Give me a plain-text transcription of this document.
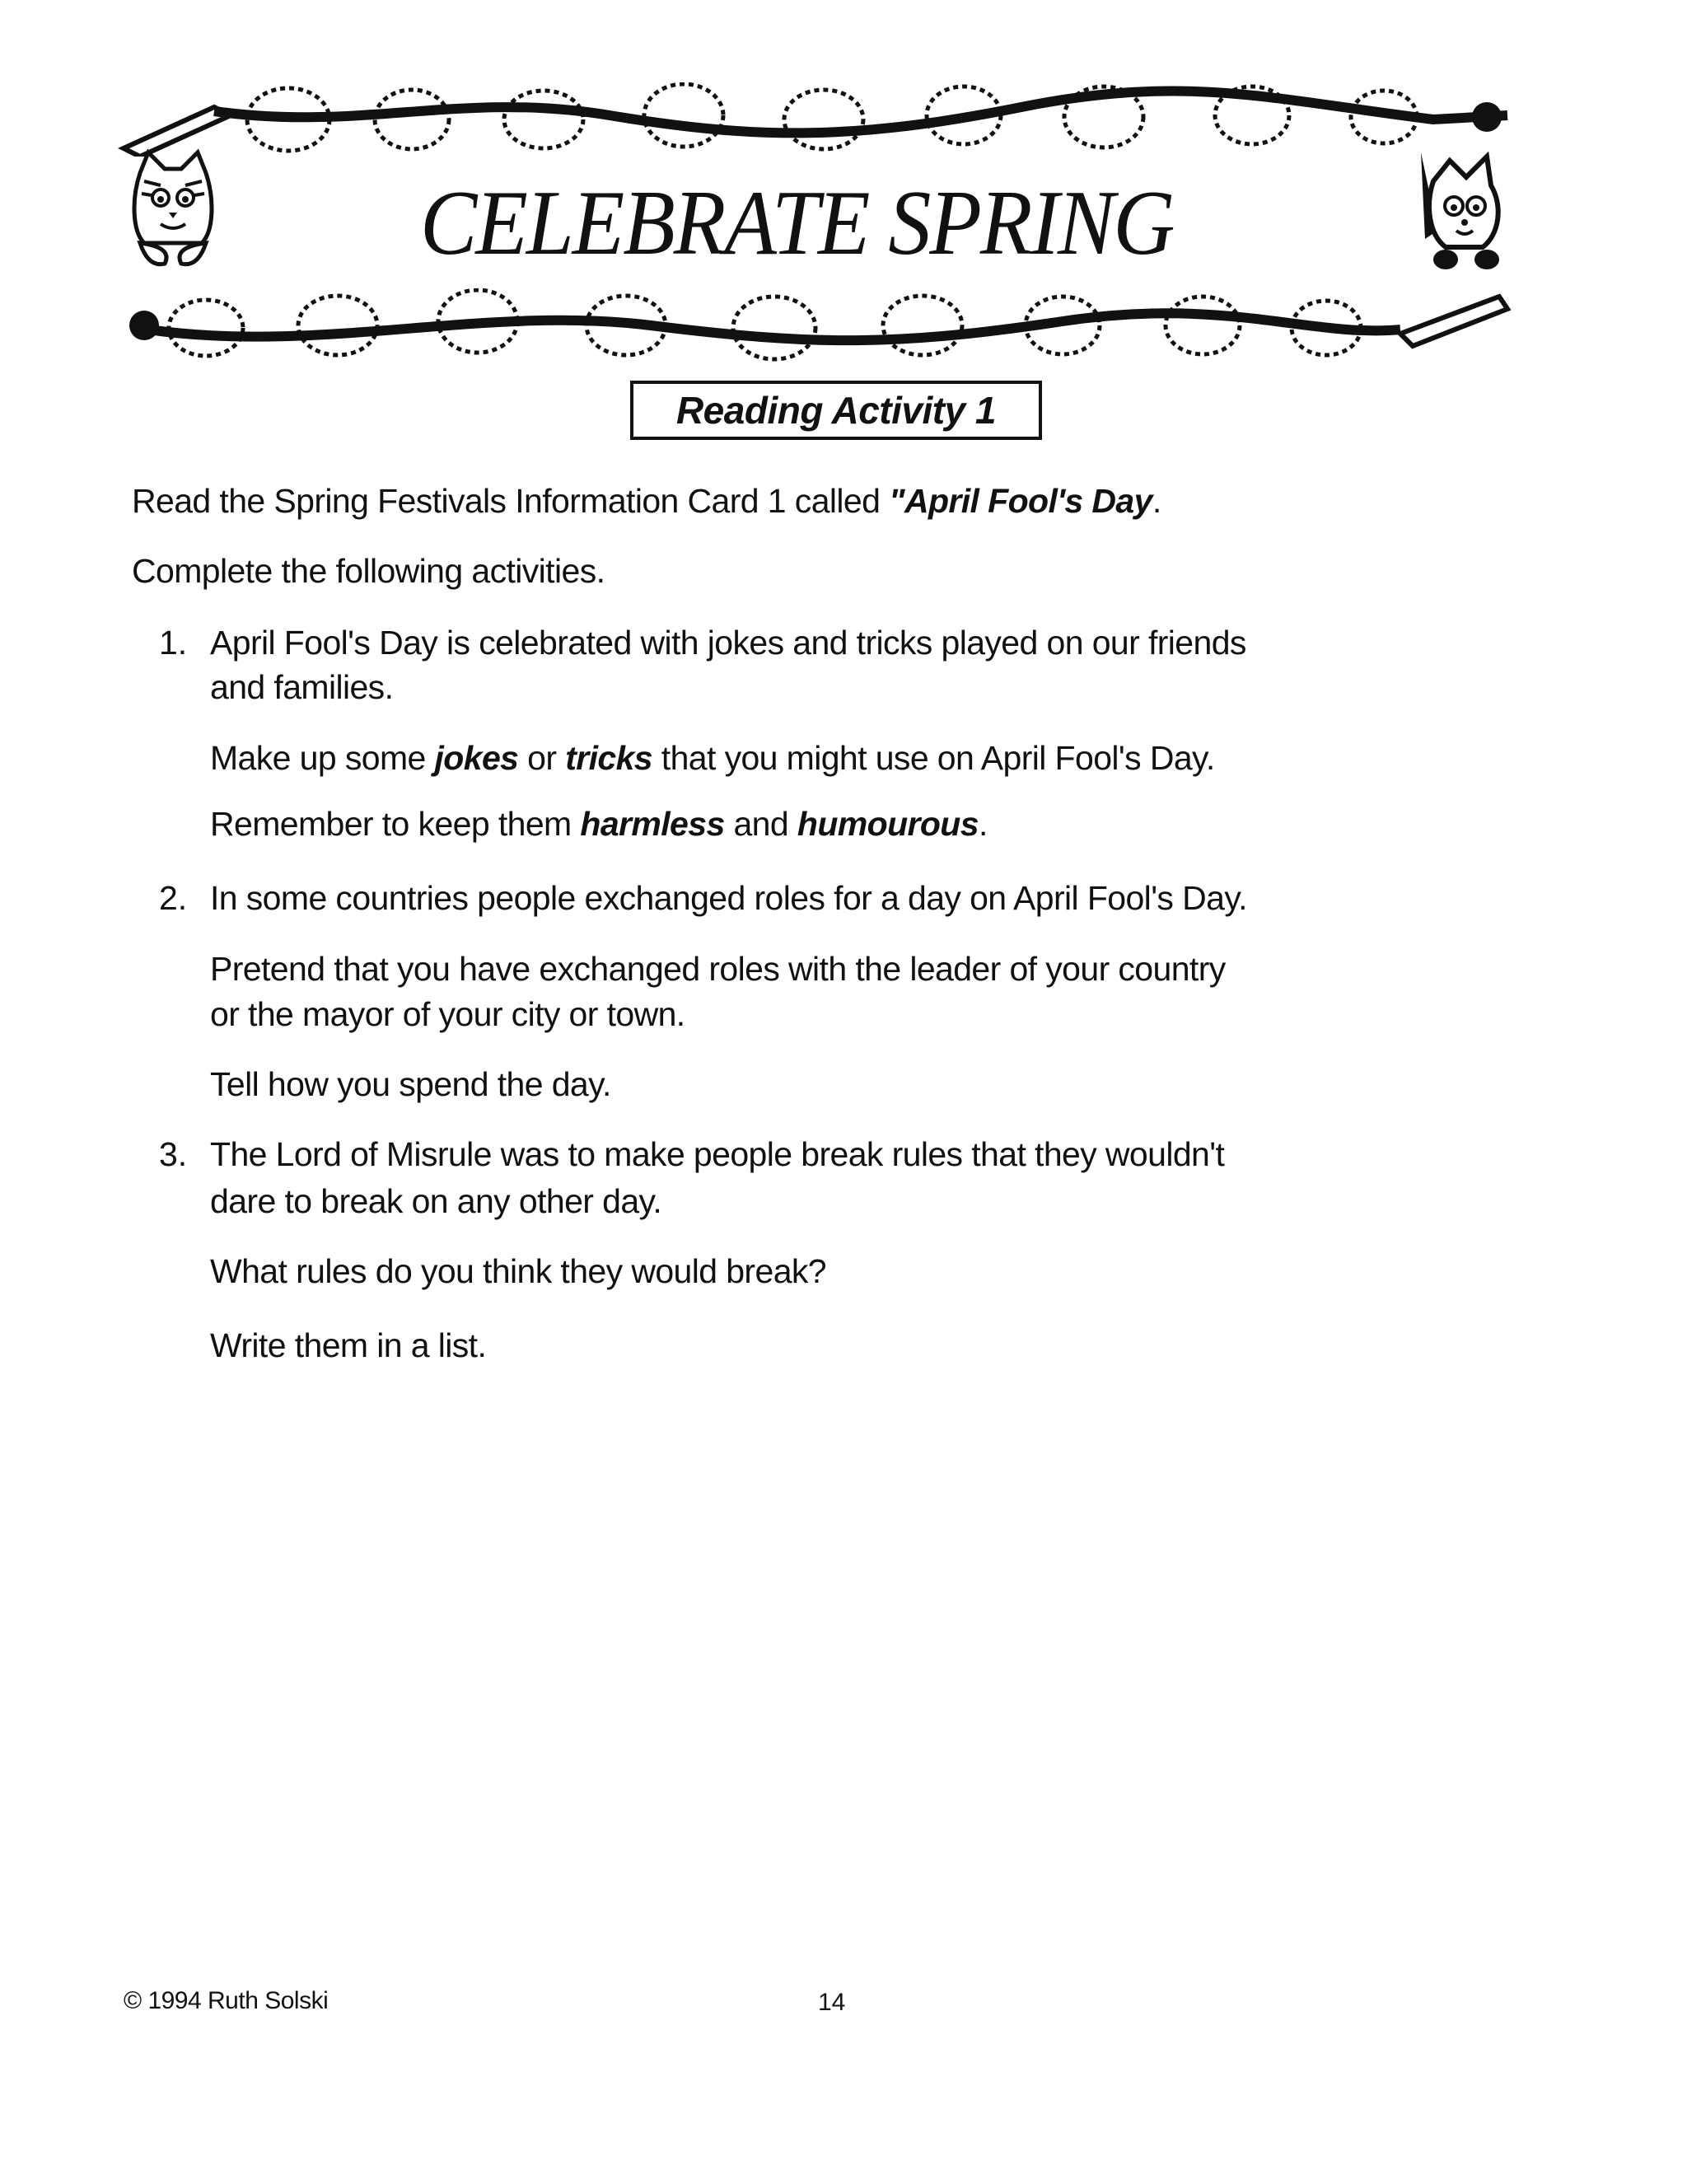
CELEBRATE SPRING
Reading Activity 1
Read the Spring Festivals Information Card 1 called "April Fool's Day.
Complete the following activities.
1. April Fool's Day is celebrated with jokes and tricks played on our friends
and families.
Make up some jokes or tricks that you might use on April Fool's Day.
Remember to keep them harmless and humourous.
2. In some countries people exchanged roles for a day on April Fool's Day.
Pretend that you have exchanged roles with the leader of your country
or the mayor of your city or town.
Tell how you spend the day.
3. The Lord of Misrule was to make people break rules that they wouldn't
dare to break on any other day.
What rules do you think they would break?
Write them in a list.
© 1994 Ruth Solski	14
